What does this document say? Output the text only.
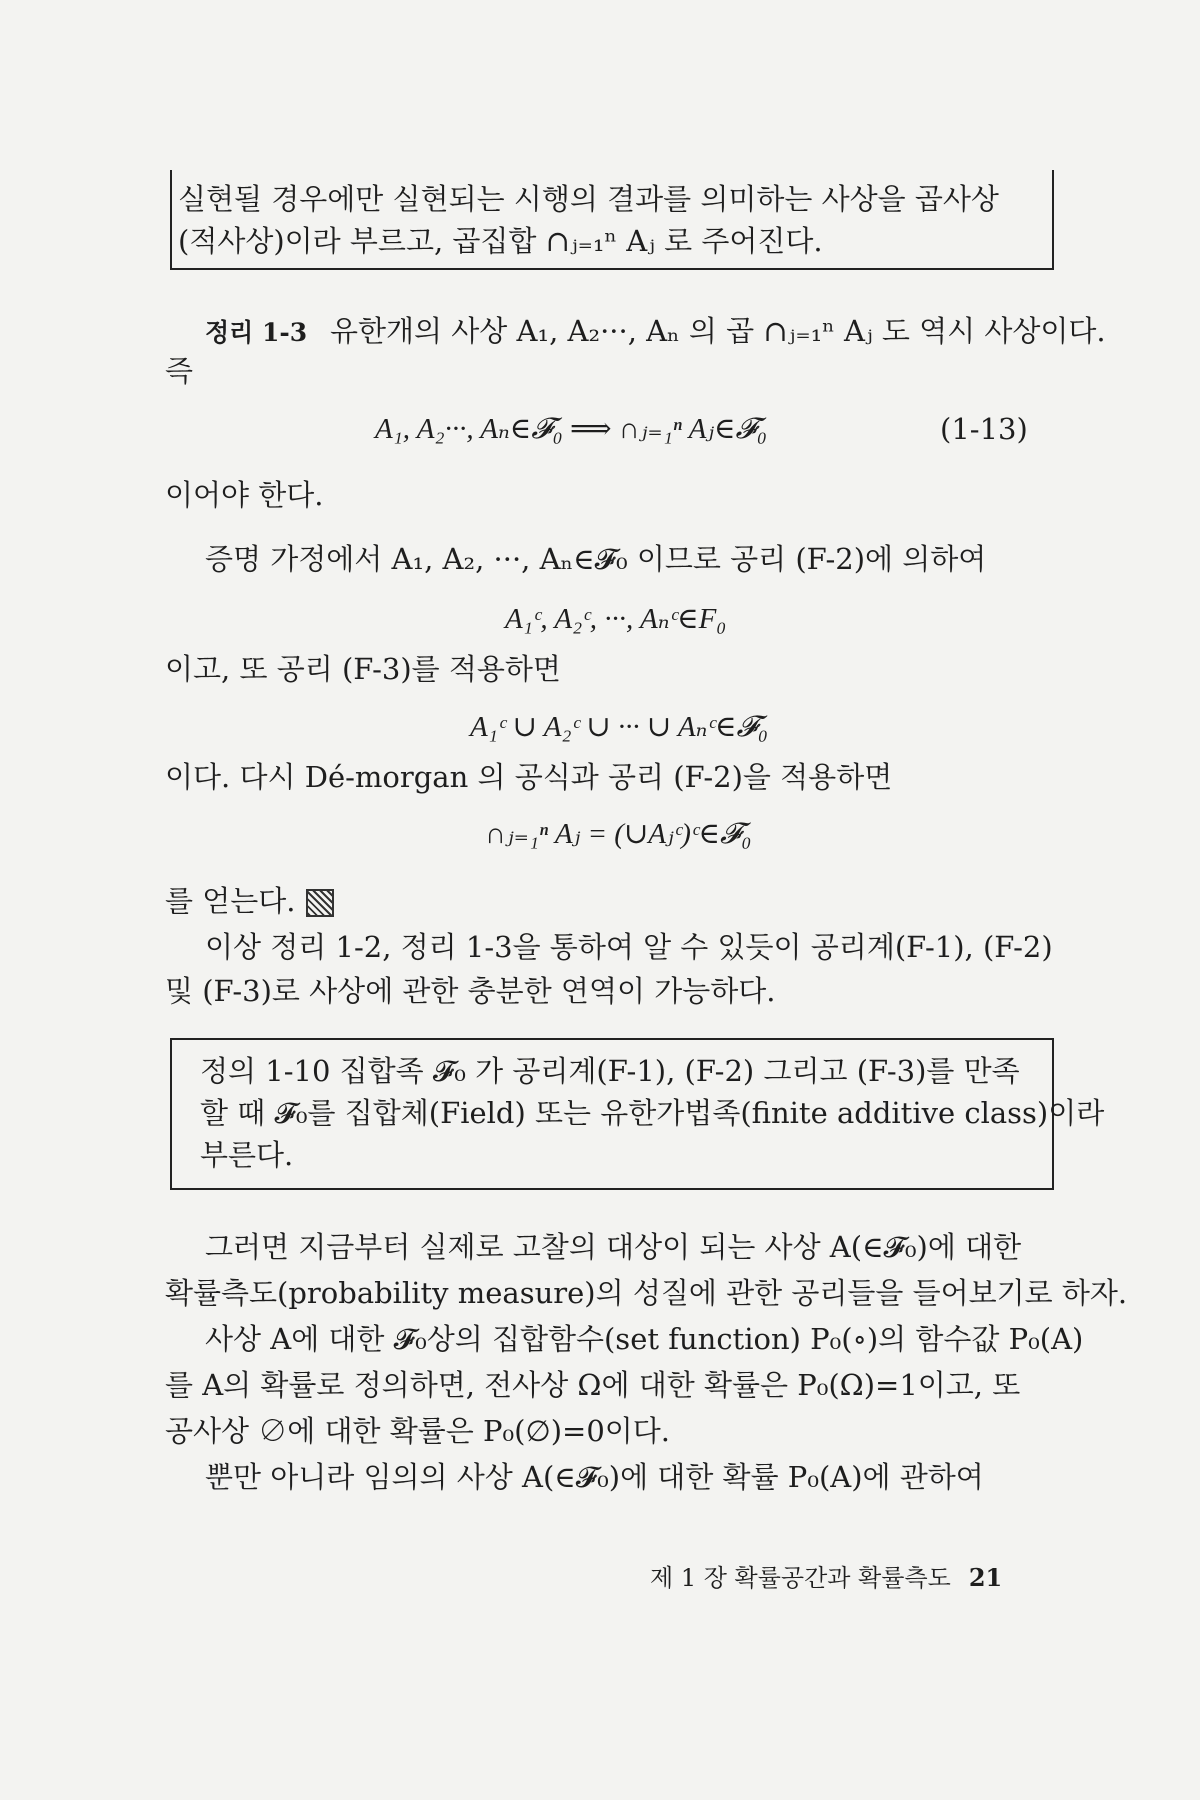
실현될 경우에만 실현되는 시행의 결과를 의미하는 사상을 곱사상
(적사상)이라 부르고, 곱집합 ∩ⱼ₌₁ⁿ Aⱼ 로 주어진다.
정리 1-3 유한개의 사상 A₁, A₂···, Aₙ 의 곱 ∩ⱼ₌₁ⁿ Aⱼ 도 역시 사상이다.
즉
A₁, A₂···, Aₙ∈𝓕₀ ⟹ ∩ⱼ₌₁ⁿ Aⱼ∈𝓕₀	(1-13)
이어야 한다.
증명 가정에서 A₁, A₂, ···, Aₙ∈𝓕₀ 이므로 공리 (F-2)에 의하여
A₁ᶜ, A₂ᶜ, ···, Aₙᶜ∈F₀
이고, 또 공리 (F-3)를 적용하면
A₁ᶜ ∪ A₂ᶜ ∪ ··· ∪ Aₙᶜ∈𝓕₀
이다. 다시 Dé-morgan 의 공식과 공리 (F-2)을 적용하면
∩ⱼ₌₁ⁿ Aⱼ = (∪Aⱼᶜ)ᶜ∈𝓕₀
를 얻는다.
이상 정리 1-2, 정리 1-3을 통하여 알 수 있듯이 공리계(F-1), (F-2)
및 (F-3)로 사상에 관한 충분한 연역이 가능하다.
정의 1-10 집합족 𝓕₀ 가 공리계(F-1), (F-2) 그리고 (F-3)를 만족
할 때 𝓕₀를 집합체(Field) 또는 유한가법족(finite additive class)이라
부른다.
그러면 지금부터 실제로 고찰의 대상이 되는 사상 A(∈𝓕₀)에 대한
확률측도(probability measure)의 성질에 관한 공리들을 들어보기로 하자.
사상 A에 대한 𝓕₀상의 집합함수(set function) P₀(∘)의 함수값 P₀(A)
를 A의 확률로 정의하면, 전사상 Ω에 대한 확률은 P₀(Ω)=1이고, 또
공사상 ∅에 대한 확률은 P₀(∅)=0이다.
뿐만 아니라 임의의 사상 A(∈𝓕₀)에 대한 확률 P₀(A)에 관하여
제 1 장 확률공간과 확률측도 21
